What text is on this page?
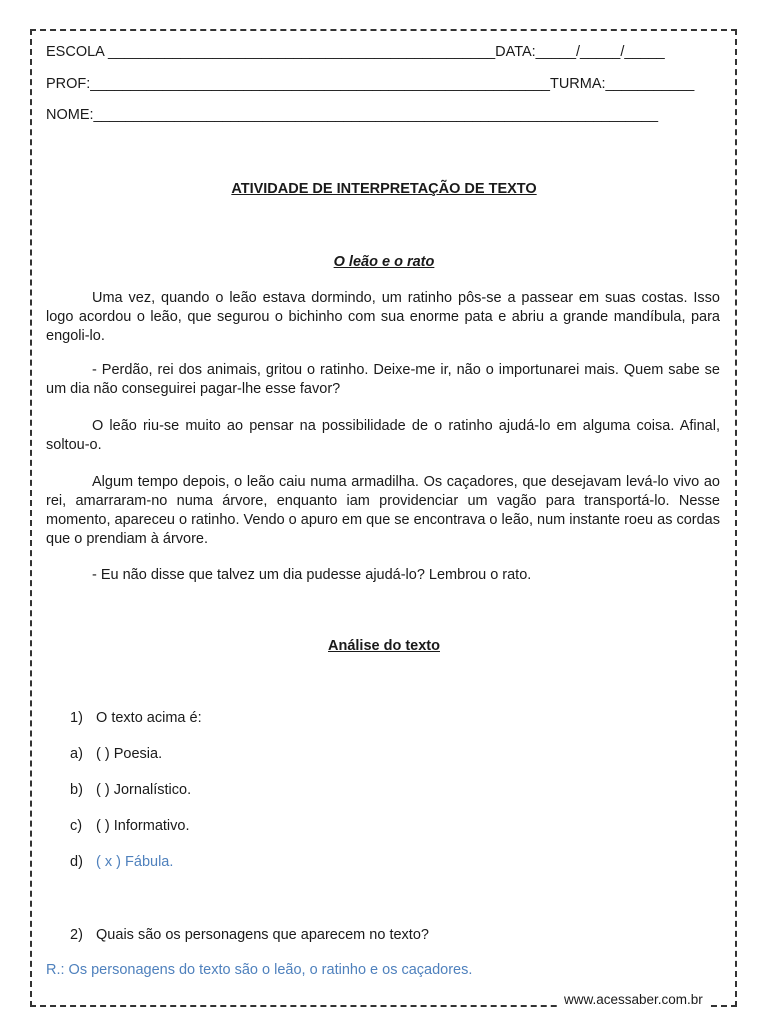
ESCOLA ________________________________________________DATA:_____/_____/_____
PROF:_________________________________________________________TURMA:___________
NOME:______________________________________________________________________
ATIVIDADE DE INTERPRETAÇÃO DE TEXTO
O leão e o rato

Uma vez, quando o leão estava dormindo, um ratinho pôs-se a passear em suas costas. Isso logo acordou o leão, que segurou o bichinho com sua enorme pata e abriu a grande mandíbula, para engoli-lo.

- Perdão, rei dos animais, gritou o ratinho. Deixe-me ir, não o importunarei mais. Quem sabe se um dia não conseguirei pagar-lhe esse favor?

O leão riu-se muito ao pensar na possibilidade de o ratinho ajudá-lo em alguma coisa. Afinal, soltou-o.

Algum tempo depois, o leão caiu numa armadilha. Os caçadores, que desejavam levá-lo vivo ao rei, amarraram-no numa árvore, enquanto iam providenciar um vagão para transportá-lo. Nesse momento, apareceu o ratinho. Vendo o apuro em que se encontrava o leão, num instante roeu as cordas que o prendiam à árvore.

- Eu não disse que talvez um dia pudesse ajudá-lo? Lembrou o rato.

Análise do texto
1) O texto acima é:
a) ( ) Poesia.
b) ( ) Jornalístico.
c) ( ) Informativo.
d) ( x ) Fábula.
2) Quais são os personagens que aparecem no texto?
R.: Os personagens do texto são o leão, o ratinho e os caçadores.
www.acessaber.com.br
